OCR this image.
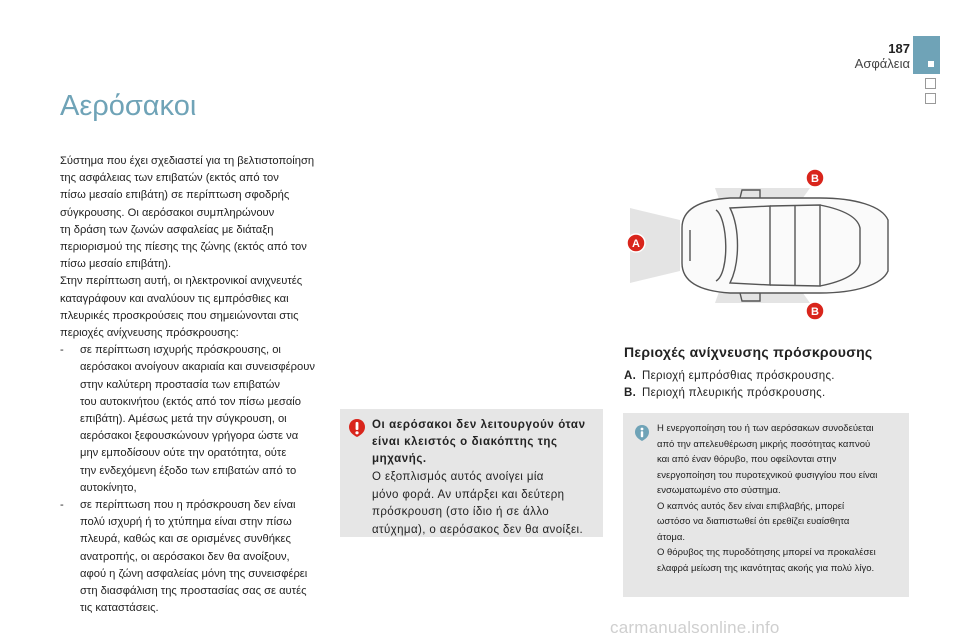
187
Ασφάλεια
Αερόσακοι

Σύστημα που έχει σχεδιαστεί για τη βελτιστοποίηση

της ασφάλειας των επιβατών (εκτός από τον

πίσω μεσαίο επιβάτη) σε περίπτωση σφοδρής

σύγκρουσης. Οι αερόσακοι συμπληρώνουν

τη δράση των ζωνών ασφαλείας με διάταξη

περιορισμού της πίεσης της ζώνης (εκτός από τον

πίσω μεσαίο επιβάτη).

Στην περίπτωση αυτή, οι ηλεκτρονικοί ανιχνευτές

καταγράφουν και αναλύουν τις εμπρόσθιες και

πλευρικές προσκρούσεις που σημειώνονται στις

περιοχές ανίχνευσης πρόσκρουσης:

- σε περίπτωση ισχυρής πρόσκρουσης, οι

αερόσακοι ανοίγουν ακαριαία και συνεισφέρουν

στην καλύτερη προστασία των επιβατών

του αυτοκινήτου (εκτός από τον πίσω μεσαίο

επιβάτη). Αμέσως μετά την σύγκρουση, οι

αερόσακοι ξεφουσκώνουν γρήγορα ώστε να

μην εμποδίσουν ούτε την ορατότητα, ούτε

την ενδεχόμενη έξοδο των επιβατών από το

αυτοκίνητο,

- σε περίπτωση που η πρόσκρουση δεν είναι

πολύ ισχυρή ή το χτύπημα είναι στην πίσω

πλευρά, καθώς και σε ορισμένες συνθήκες

ανατροπής, οι αερόσακοι δεν θα ανοίξουν,

αφού η ζώνη ασφαλείας μόνη της συνεισφέρει

στη διασφάλιση της προστασίας σας σε αυτές

τις καταστάσεις.

Οι αερόσακοι δεν λειτουργούν όταν
είναι κλειστός ο διακόπτης της
μηχανής.
Ο εξοπλισμός αυτός ανοίγει μία
μόνο φορά. Αν υπάρξει και δεύτερη
πρόσκρουση (στο ίδιο ή σε άλλο
ατύχημα), ο αερόσακος δεν θα ανοίξει.
A
B
B
Περιοχές ανίχνευσης πρόσκρουσης
A. Περιοχή εμπρόσθιας πρόσκρουσης.
B. Περιοχή πλευρικής πρόσκρουσης.

Η ενεργοποίηση του ή των αερόσακων συνοδεύεται

από την απελευθέρωση μικρής ποσότητας καπνού

και από έναν θόρυβο, που οφείλονται στην

ενεργοποίηση του πυροτεχνικού φυσιγγίου που είναι

ενσωματωμένο στο σύστημα.

Ο καπνός αυτός δεν είναι επιβλαβής, μπορεί

ωστόσο να διαπιστωθεί ότι ερεθίζει ευαίσθητα

άτομα.

Ο θόρυβος της πυροδότησης μπορεί να προκαλέσει

ελαφρά μείωση της ικανότητας ακοής για πολύ λίγο.

carmanualsonline.info
